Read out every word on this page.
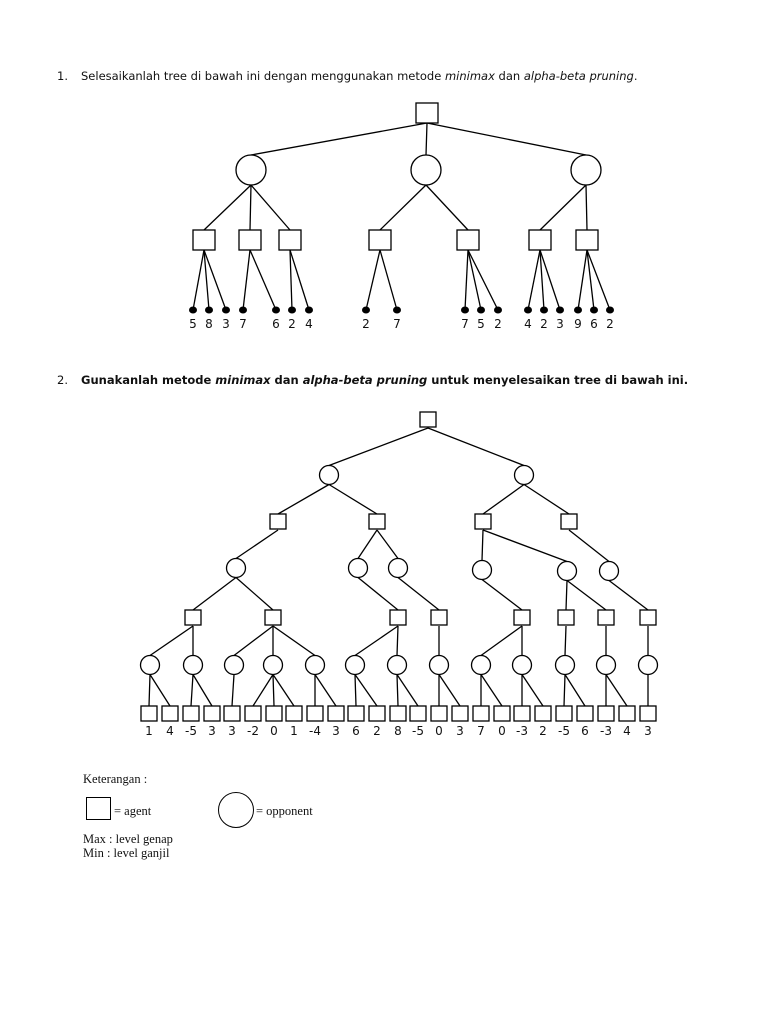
1. Selesaikanlah tree di bawah ini dengan menggunakan metode minimax dan alpha-beta pruning.
2. Gunakanlah metode minimax dan alpha-beta pruning untuk menyelesaikan tree di bawah ini.
5 8 3 7 6 2 4	2 7	7 5 2 4 2 3 9 6 2
1 4 -5 3 3 -2 0 1 -4 3 6 2 8 -5 0 3 7 0 -3 2 -5 6 -3 4 3
Keterangan :
= agent	= opponent
Max : level genap
Min : level ganjil
